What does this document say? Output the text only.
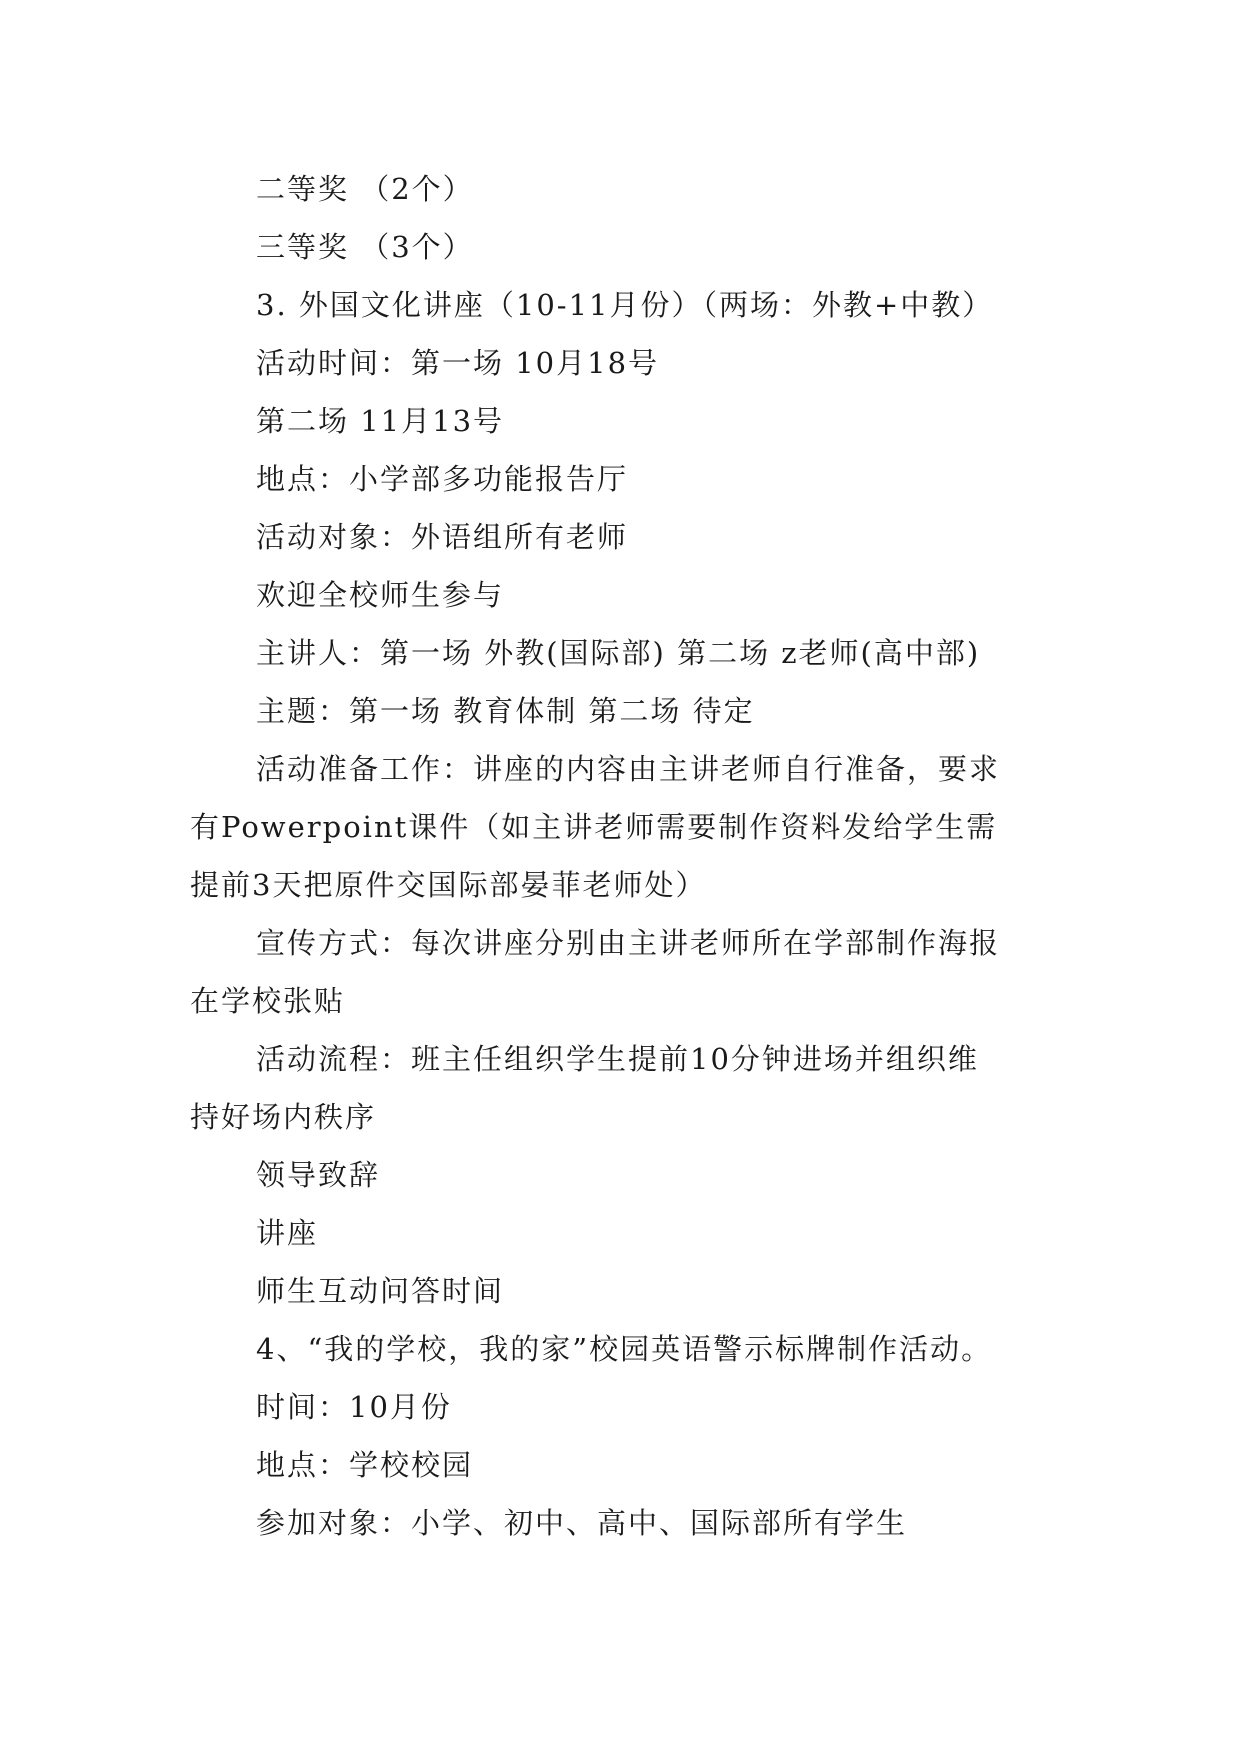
二等奖 （2个）
三等奖 （3个）
3. 外国文化讲座（10-11月份）（两场：外教+中教）
活动时间：第一场 10月18号
第二场 11月13号
地点：小学部多功能报告厅
活动对象：外语组所有老师
欢迎全校师生参与
主讲人：第一场 外教(国际部) 第二场 z老师(高中部)
主题：第一场 教育体制 第二场 待定
活动准备工作：讲座的内容由主讲老师自行准备，要求
有Powerpoint课件（如主讲老师需要制作资料发给学生需
提前3天把原件交国际部晏菲老师处）
宣传方式：每次讲座分别由主讲老师所在学部制作海报
在学校张贴
活动流程：班主任组织学生提前10分钟进场并组织维
持好场内秩序
领导致辞
讲座
师生互动问答时间
4、“我的学校，我的家”校园英语警示标牌制作活动。
时间：10月份
地点：学校校园
参加对象：小学、初中、高中、国际部所有学生
